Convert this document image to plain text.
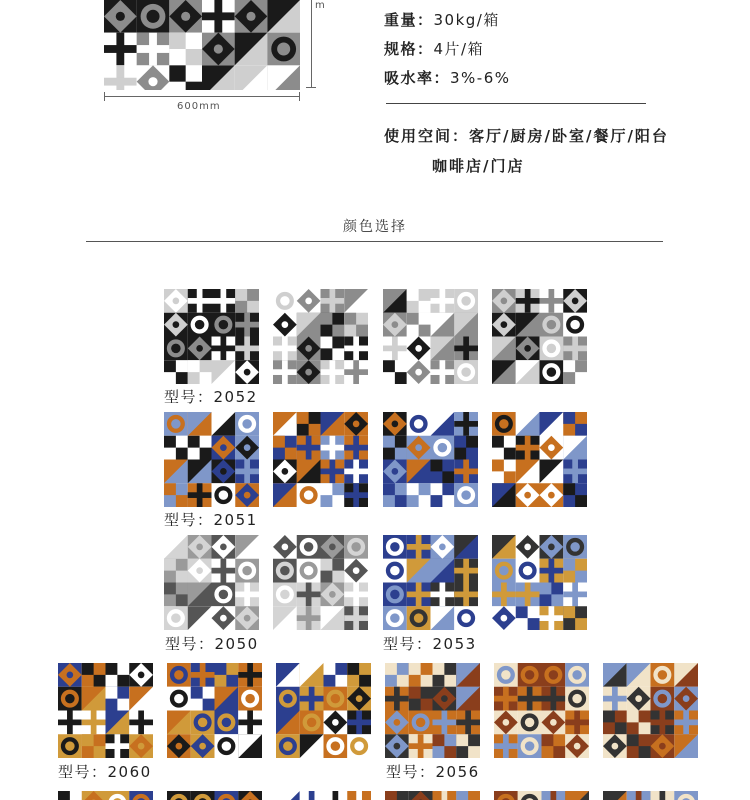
600mm
m
重量：30kg/箱
规格：4片/箱
吸水率：3%-6%
使用空间：客厅/厨房/卧室/餐厅/阳台
咖啡店/门店
颜色选择
型号：2052
型号：2051
型号：2050	型号：2053
型号：2060	型号：2056
